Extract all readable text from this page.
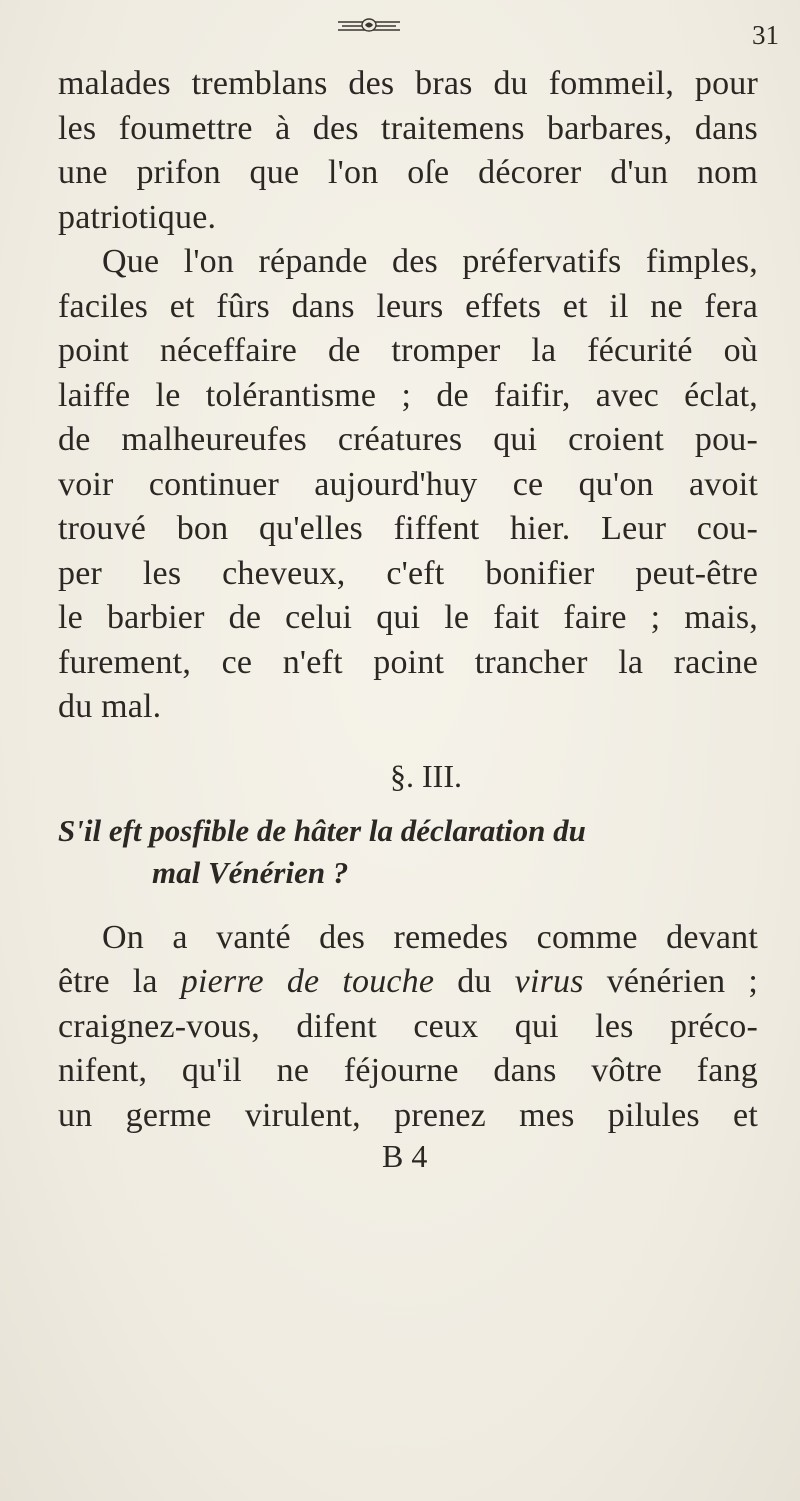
31
malades tremblans des bras du fommeil, pour
les foumettre à des traitemens barbares, dans
une prifon que l'on oſe décorer d'un nom
patriotique.
Que l'on répande des préfervatifs fimples,
faciles et fûrs dans leurs effets et il ne fera
point néceffaire de tromper la fécurité où
laiffe le tolérantisme ; de faifir, avec éclat,
de malheureufes créatures qui croient pou-
voir continuer aujourd'huy ce qu'on avoit
trouvé bon qu'elles fiffent hier. Leur cou-
per les cheveux, c'eft bonifier peut-être
le barbier de celui qui le fait faire ; mais,
furement, ce n'eft point trancher la racine
du mal.
§. III.
S'il eft posfible de hâter la déclaration du
mal Vénérien ?
On a vanté des remedes comme devant
être la pierre de touche du virus vénérien ;
craignez-vous, difent ceux qui les préco-
nifent, qu'il ne féjourne dans vôtre fang
un germe virulent, prenez mes pilules et
B 4
